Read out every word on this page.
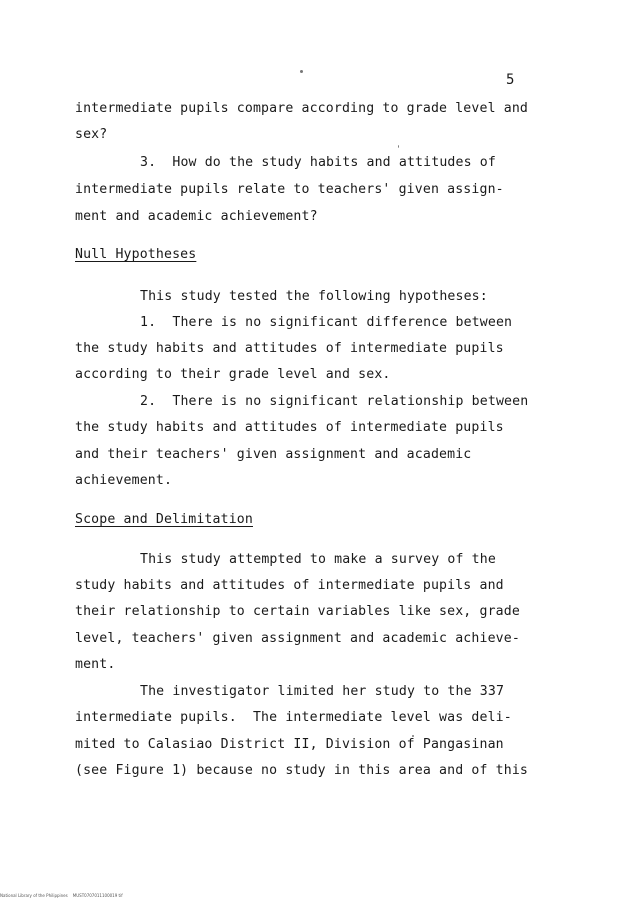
5
intermediate pupils compare according to grade level and
sex?
3.  How do the study habits and attitudes of
intermediate pupils relate to teachers' given assign-
ment and academic achievement?
Null Hypotheses
This study tested the following hypotheses:
1.  There is no significant difference between
the study habits and attitudes of intermediate pupils
according to their grade level and sex.
2.  There is no significant relationship between
the study habits and attitudes of intermediate pupils
and their teachers' given assignment and academic
achievement.
Scope and Delimitation
This study attempted to make a survey of the
study habits and attitudes of intermediate pupils and
their relationship to certain variables like sex, grade
level, teachers' given assignment and academic achieve-
ment.
The investigator limited her study to the 337
intermediate pupils.  The intermediate level was deli-
mited to Calasiao District II, Division of Pangasinan
(see Figure 1) because no study in this area and of this
National Library of the Philippines    MUST0707011100019 tif
